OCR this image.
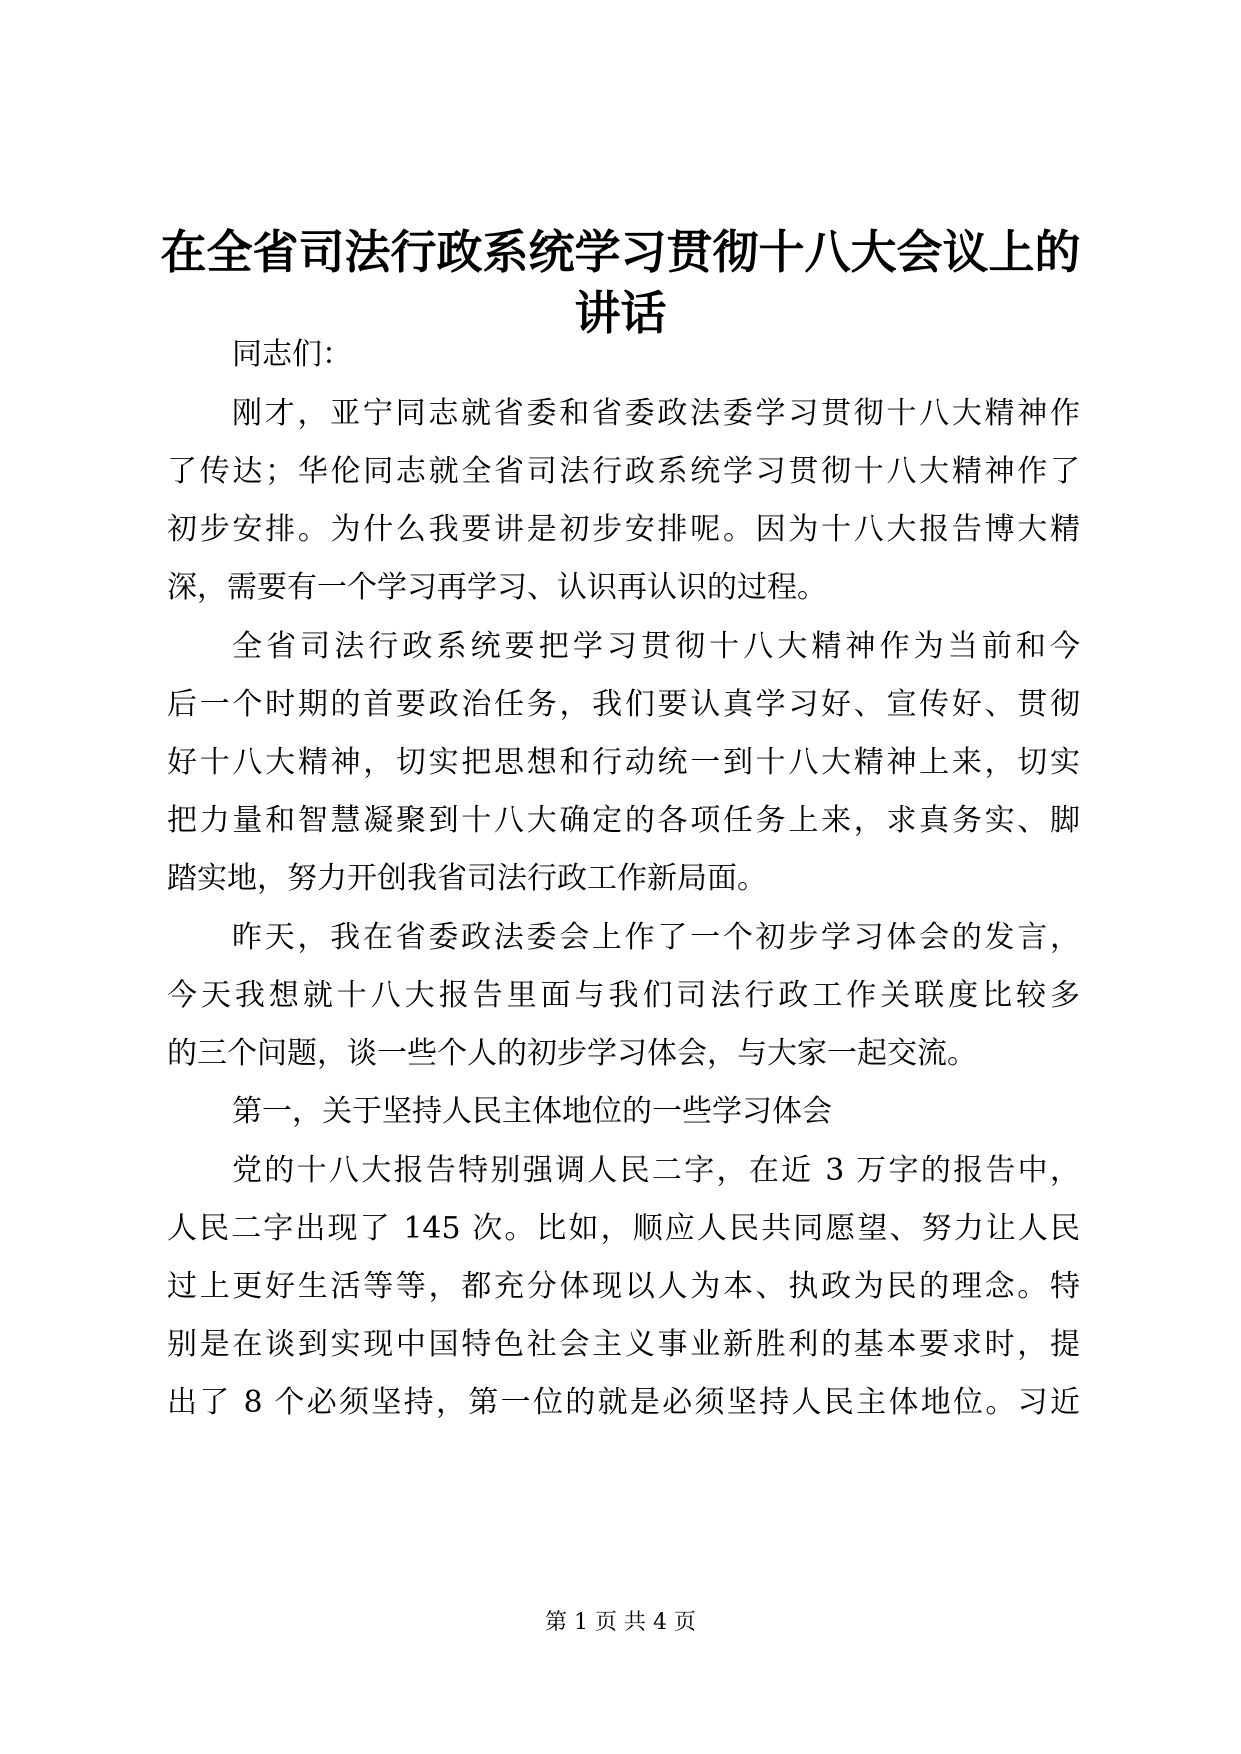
在全省司法行政系统学习贯彻十八大会议上的
讲话
同志们：
刚才，亚宁同志就省委和省委政法委学习贯彻十八大精神作
了传达；华伦同志就全省司法行政系统学习贯彻十八大精神作了
初步安排。为什么我要讲是初步安排呢。因为十八大报告博大精
深，需要有一个学习再学习、认识再认识的过程。
全省司法行政系统要把学习贯彻十八大精神作为当前和今
后一个时期的首要政治任务，我们要认真学习好、宣传好、贯彻
好十八大精神，切实把思想和行动统一到十八大精神上来，切实
把力量和智慧凝聚到十八大确定的各项任务上来，求真务实、脚
踏实地，努力开创我省司法行政工作新局面。
昨天，我在省委政法委会上作了一个初步学习体会的发言，
今天我想就十八大报告里面与我们司法行政工作关联度比较多
的三个问题，谈一些个人的初步学习体会，与大家一起交流。
第一，关于坚持人民主体地位的一些学习体会
党的十八大报告特别强调人民二字，在近 3 万字的报告中，
人民二字出现了 145 次。比如，顺应人民共同愿望、努力让人民
过上更好生活等等，都充分体现以人为本、执政为民的理念。特
别是在谈到实现中国特色社会主义事业新胜利的基本要求时，提
出了 8 个必须坚持，第一位的就是必须坚持人民主体地位。习近
第 1 页 共 4 页
